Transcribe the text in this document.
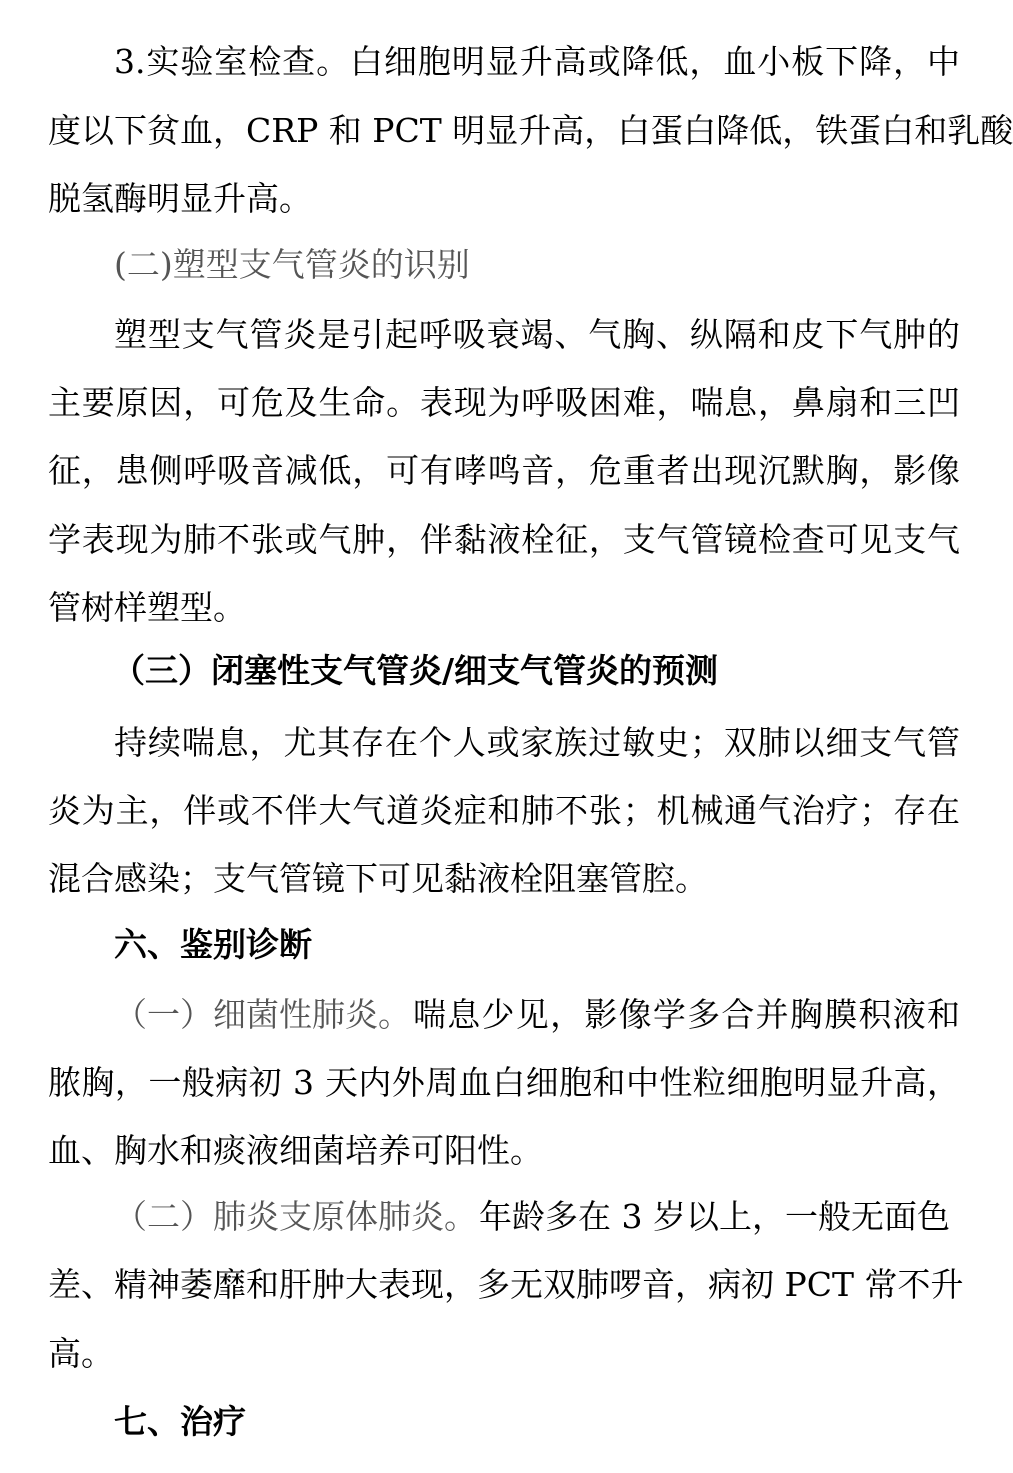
3.实验室检查。白细胞明显升高或降低，血小板下降，中
度以下贫血，CRP 和 PCT 明显升高，白蛋白降低，铁蛋白和乳酸
脱氢酶明显升高。
(二)塑型支气管炎的识别
塑型支气管炎是引起呼吸衰竭、气胸、纵隔和皮下气肿的
主要原因，可危及生命。表现为呼吸困难，喘息，鼻扇和三凹
征，患侧呼吸音减低，可有哮鸣音，危重者出现沉默胸，影像
学表现为肺不张或气肿，伴黏液栓征，支气管镜检查可见支气
管树样塑型。
（三）闭塞性支气管炎/细支气管炎的预测
持续喘息，尤其存在个人或家族过敏史；双肺以细支气管
炎为主，伴或不伴大气道炎症和肺不张；机械通气治疗；存在
混合感染；支气管镜下可见黏液栓阻塞管腔。
六、鉴别诊断
（一）细菌性肺炎。 喘息少见，影像学多合并胸膜积液和
脓胸，一般病初 3 天内外周血白细胞和中性粒细胞明显升高，
血、胸水和痰液细菌培养可阳性。
（二）肺炎支原体肺炎。 年龄多在 3 岁以上，一般无面色
差、精神萎靡和肝肿大表现，多无双肺啰音，病初 PCT 常不升
高。
七、治疗
